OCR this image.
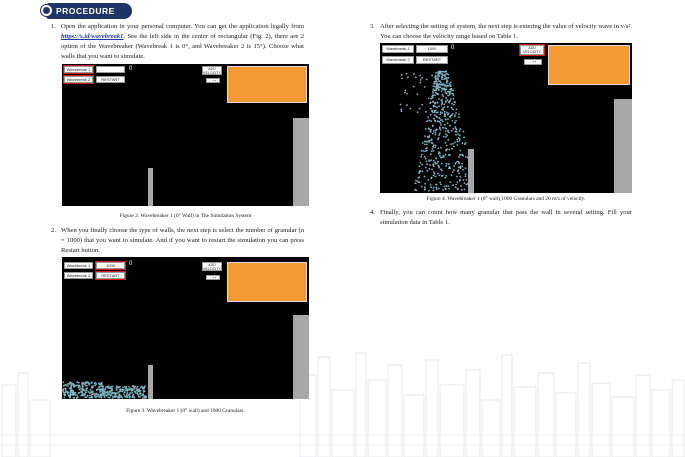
PROCEDURE
1. Open the application in your personal computer. You can get the application legally from https://s.id/wavebreak1. See the left side in the center of rectangular (Fig. 2), there are 2 option of the Wavebreaker (Wavebreak 1 is 0°, and Wavebreaker 2 is 15°). Choose what walls that you want to simulate.
Wavebreak 1	0
Wavebreak 2	RESTART
ADD
VELOCITY
- ++
Figure 2. Wavebreaker 1 (0° Wall) in The Simulation System
2. When you finally choose the type of walls, the next step is select the number of granular (n = 1000) that you want to simulate. And if you want to restart the simulation you can press Restart button.
Wavebreak 1	1000	0
Wavebreak 2	RESTART
ADD
VELOCITY
- ++
Figure 3. Wavebreaker 1 (0° wall) and 1000 Granulars.
3. After selecting the setting of system, the next step is entering the value of velocity wave in v/s². You can choose the velocity range based on Table 1.
Wavebreak 1	1000	0
Wavebreak 2	RESTART
ADD
VELOCITY
- ++
Figure 4. Wavebreaker 1 (0° wall),1000 Granulars and 20 m/s of velocity.
4. Finally, you can count how many granular that pass the wall in several setting. Fill your simulation data in Table 1.
